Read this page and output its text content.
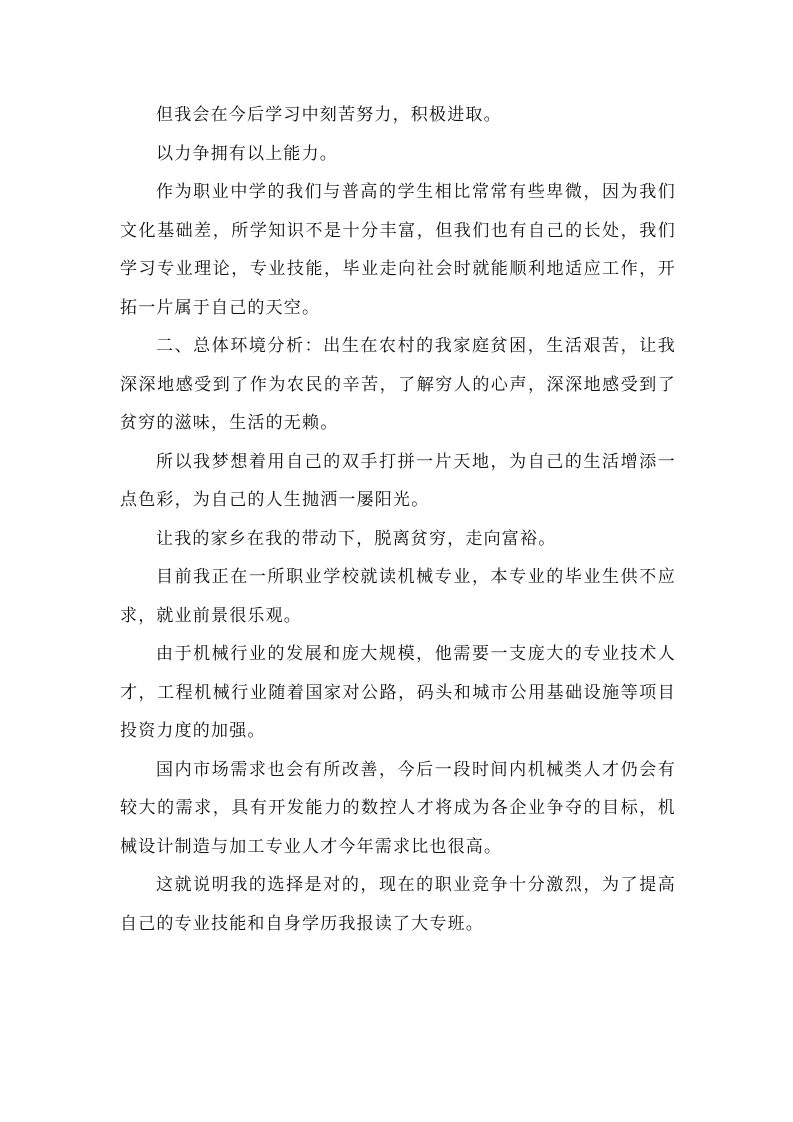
但我会在今后学习中刻苦努力，积极进取。

以力争拥有以上能力。

作为职业中学的我们与普高的学生相比常常有些卑微，因为我们文化基础差，所学知识不是十分丰富，但我们也有自己的长处，我们学习专业理论，专业技能，毕业走向社会时就能顺利地适应工作，开拓一片属于自己的天空。

二、总体环境分析：出生在农村的我家庭贫困，生活艰苦，让我深深地感受到了作为农民的辛苦，了解穷人的心声，深深地感受到了贫穷的滋味，生活的无赖。

所以我梦想着用自己的双手打拼一片天地，为自己的生活增添一点色彩，为自己的人生抛洒一屡阳光。

让我的家乡在我的带动下，脱离贫穷，走向富裕。

目前我正在一所职业学校就读机械专业，本专业的毕业生供不应求，就业前景很乐观。

由于机械行业的发展和庞大规模，他需要一支庞大的专业技术人才，工程机械行业随着国家对公路，码头和城市公用基础设施等项目投资力度的加强。

国内市场需求也会有所改善，今后一段时间内机械类人才仍会有较大的需求，具有开发能力的数控人才将成为各企业争夺的目标，机械设计制造与加工专业人才今年需求比也很高。

这就说明我的选择是对的，现在的职业竞争十分激烈，为了提高自己的专业技能和自身学历我报读了大专班。
